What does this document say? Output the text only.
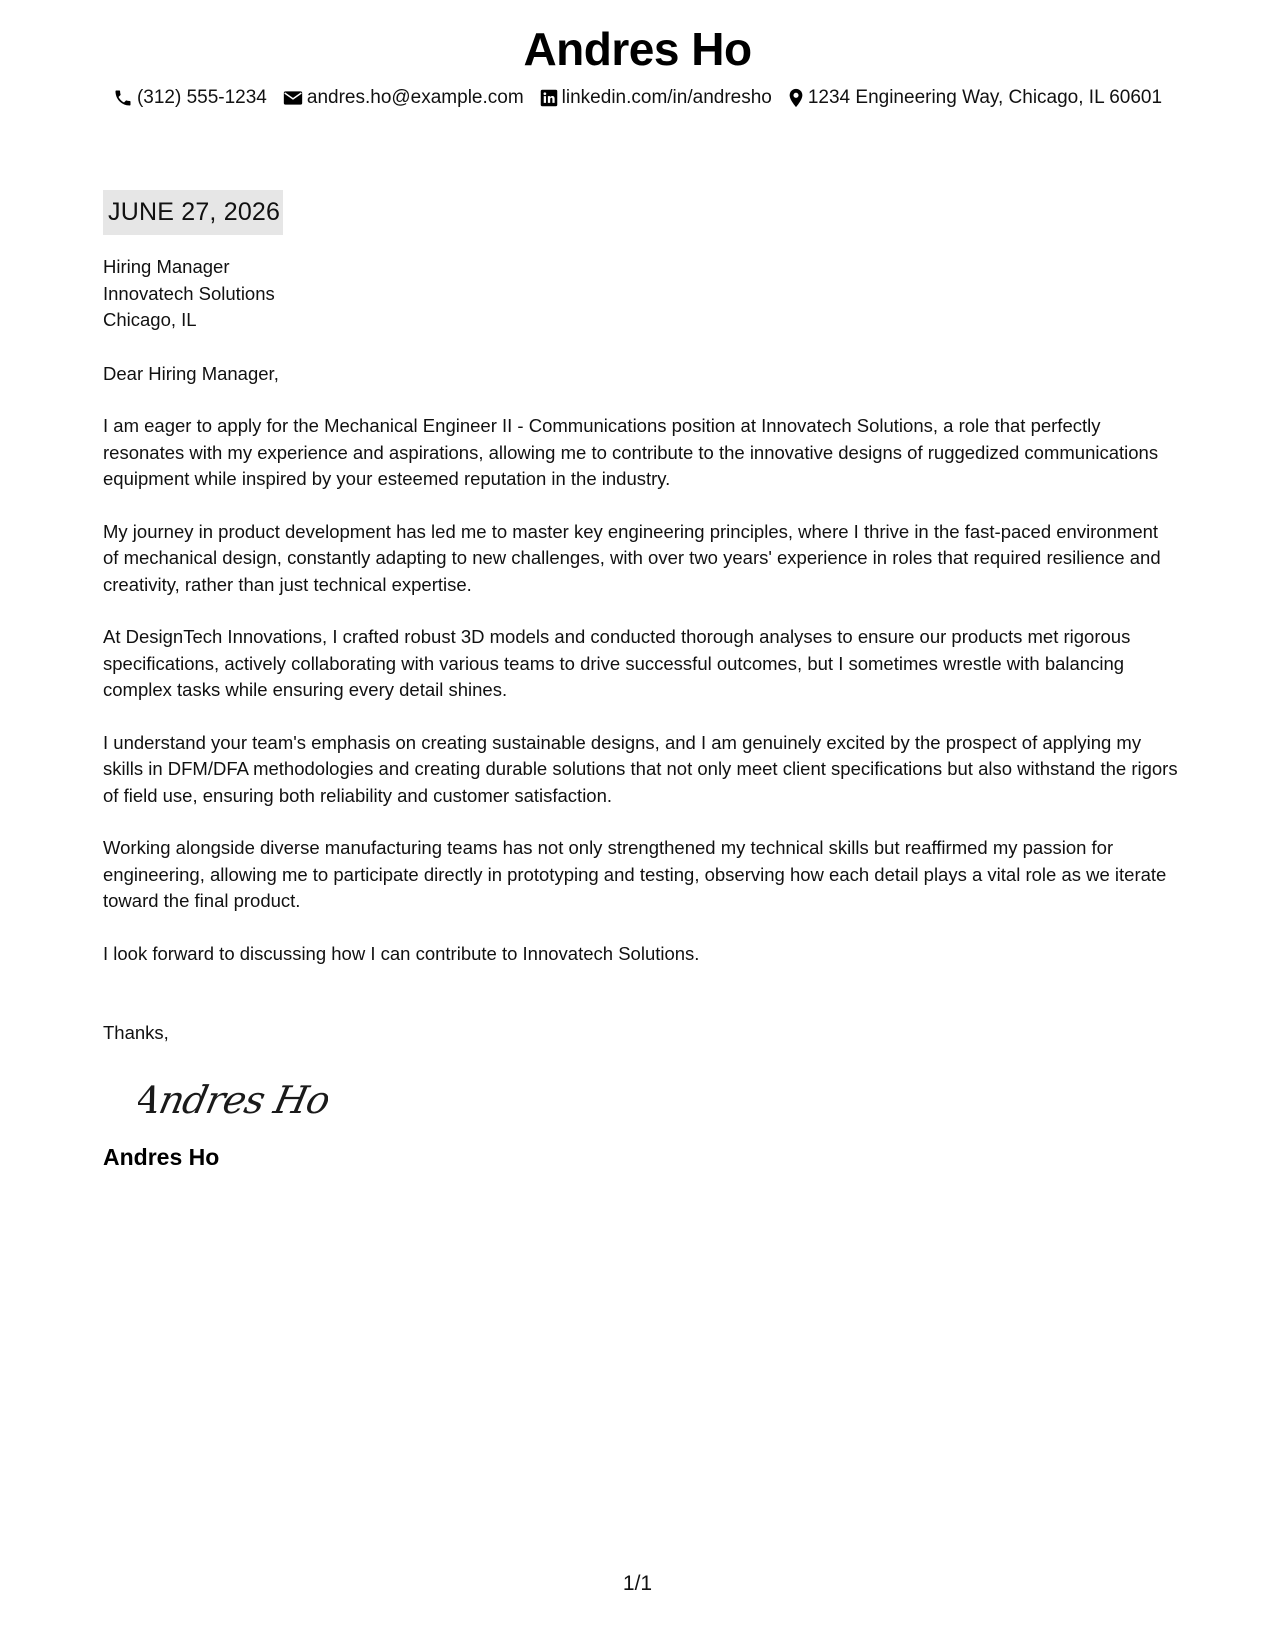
Andres Ho
(312) 555-1234 andres.ho@example.com linkedin.com/in/andresho 1234 Engineering Way, Chicago, IL 60601
JUNE 27, 2026
Hiring Manager
Innovatech Solutions
Chicago, IL
Dear Hiring Manager,

I am eager to apply for the Mechanical Engineer II - Communications position at Innovatech Solutions, a role that perfectly resonates with my experience and aspirations, allowing me to contribute to the innovative designs of ruggedized communications equipment while inspired by your esteemed reputation in the industry.

My journey in product development has led me to master key engineering principles, where I thrive in the fast-paced environment of mechanical design, constantly adapting to new challenges, with over two years' experience in roles that required resilience and creativity, rather than just technical expertise.

At DesignTech Innovations, I crafted robust 3D models and conducted thorough analyses to ensure our products met rigorous specifications, actively collaborating with various teams to drive successful outcomes, but I sometimes wrestle with balancing complex tasks while ensuring every detail shines.

I understand your team's emphasis on creating sustainable designs, and I am genuinely excited by the prospect of applying my skills in DFM/DFA methodologies and creating durable solutions that not only meet client specifications but also withstand the rigors of field use, ensuring both reliability and customer satisfaction.

Working alongside diverse manufacturing teams has not only strengthened my technical skills but reaffirmed my passion for engineering, allowing me to participate directly in prototyping and testing, observing how each detail plays a vital role as we iterate toward the final product.

I look forward to discussing how I can contribute to Innovatech Solutions.

Thanks,
Andres Ho
Andres Ho
1/1
